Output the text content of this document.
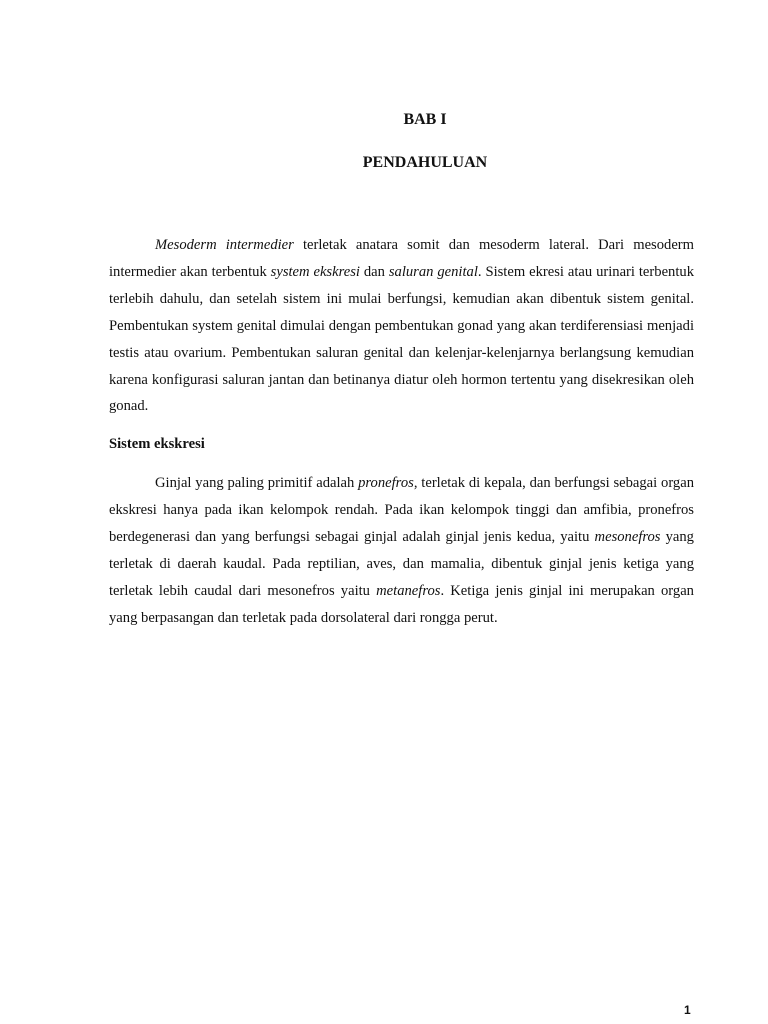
BAB I
PENDAHULUAN

Mesoderm intermedier terletak anatara somit dan mesoderm lateral. Dari mesoderm intermedier akan terbentuk system ekskresi dan saluran genital. Sistem ekresi atau urinari terbentuk terlebih dahulu, dan setelah sistem ini mulai berfungsi, kemudian akan dibentuk sistem genital. Pembentukan system genital dimulai dengan pembentukan gonad yang akan terdiferensiasi menjadi testis atau ovarium. Pembentukan saluran genital dan kelenjar-kelenjarnya berlangsung kemudian karena konfigurasi saluran jantan dan betinanya diatur oleh hormon tertentu yang disekresikan oleh gonad.

Sistem ekskresi

Ginjal yang paling primitif adalah pronefros, terletak di kepala, dan berfungsi sebagai organ ekskresi hanya pada ikan kelompok rendah. Pada ikan kelompok tinggi dan amfibia, pronefros berdegenerasi dan yang berfungsi sebagai ginjal adalah ginjal jenis kedua, yaitu mesonefros yang terletak di daerah kaudal. Pada reptilian, aves, dan mamalia, dibentuk ginjal jenis ketiga yang terletak lebih caudal dari mesonefros yaitu metanefros. Ketiga jenis ginjal ini merupakan organ yang berpasangan dan terletak pada dorsolateral dari rongga perut.

1
